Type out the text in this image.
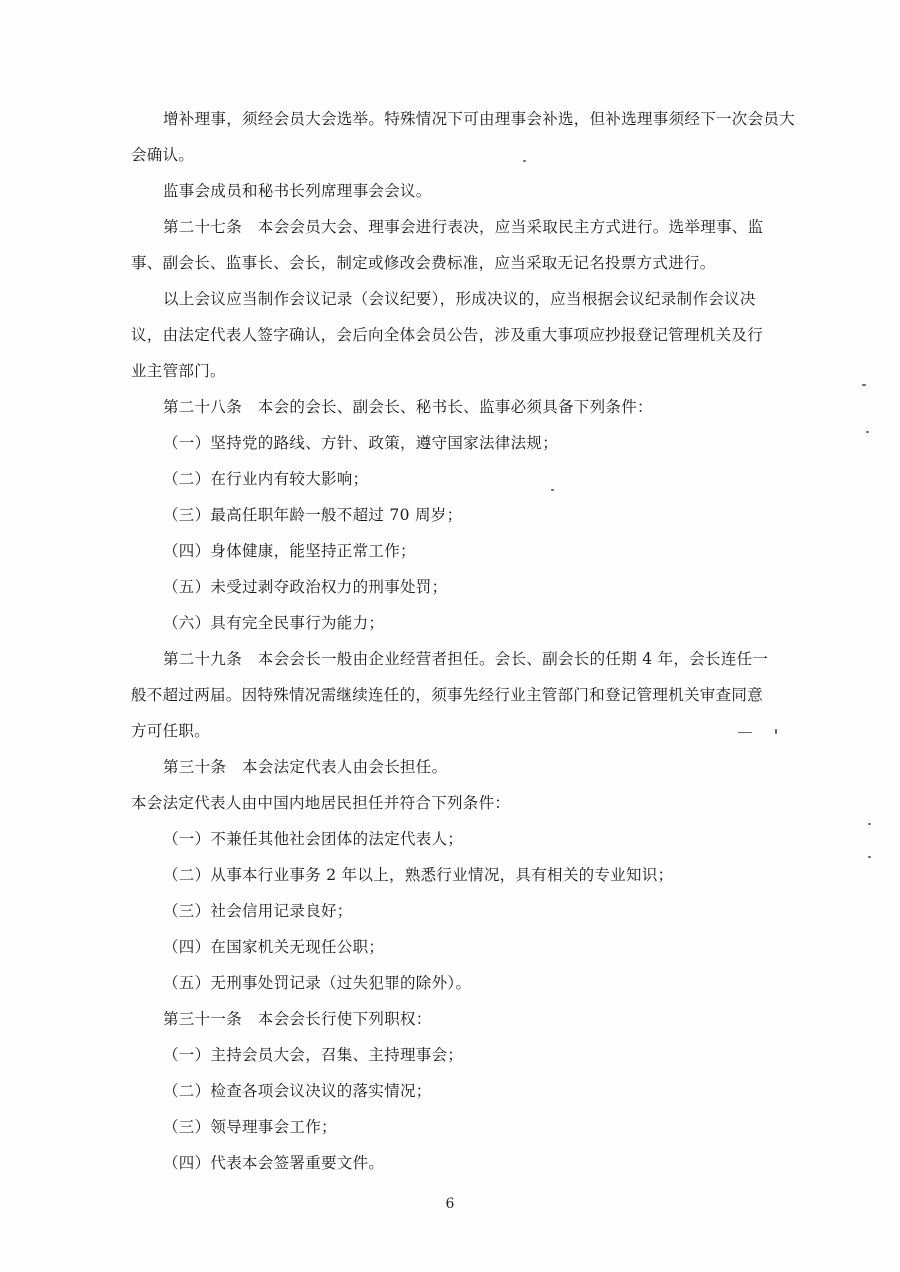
增补理事，须经会员大会选举。特殊情况下可由理事会补选，但补选理事须经下一次会员大
会确认。
监事会成员和秘书长列席理事会会议。
第二十七条　本会会员大会、理事会进行表决，应当采取民主方式进行。选举理事、监
事、副会长、监事长、会长，制定或修改会费标准，应当采取无记名投票方式进行。
以上会议应当制作会议记录（会议纪要），形成决议的，应当根据会议纪录制作会议决
议，由法定代表人签字确认，会后向全体会员公告，涉及重大事项应抄报登记管理机关及行
业主管部门。
第二十八条　本会的会长、副会长、秘书长、监事必须具备下列条件：
（一）坚持党的路线、方针、政策，遵守国家法律法规；
（二）在行业内有较大影响；
（三）最高任职年龄一般不超过 70 周岁；
（四）身体健康，能坚持正常工作；
（五）未受过剥夺政治权力的刑事处罚；
（六）具有完全民事行为能力；
第二十九条　本会会长一般由企业经营者担任。会长、副会长的任期 4 年，会长连任一
般不超过两届。因特殊情况需继续连任的，须事先经行业主管部门和登记管理机关审查同意
方可任职。
第三十条　本会法定代表人由会长担任。
本会法定代表人由中国内地居民担任并符合下列条件：
（一）不兼任其他社会团体的法定代表人；
（二）从事本行业事务 2 年以上，熟悉行业情况，具有相关的专业知识；
（三）社会信用记录良好；
（四）在国家机关无现任公职；
（五）无刑事处罚记录（过失犯罪的除外）。
第三十一条　本会会长行使下列职权：
（一）主持会员大会，召集、主持理事会；
（二）检查各项会议决议的落实情况；
（三）领导理事会工作；
（四）代表本会签署重要文件。
6
